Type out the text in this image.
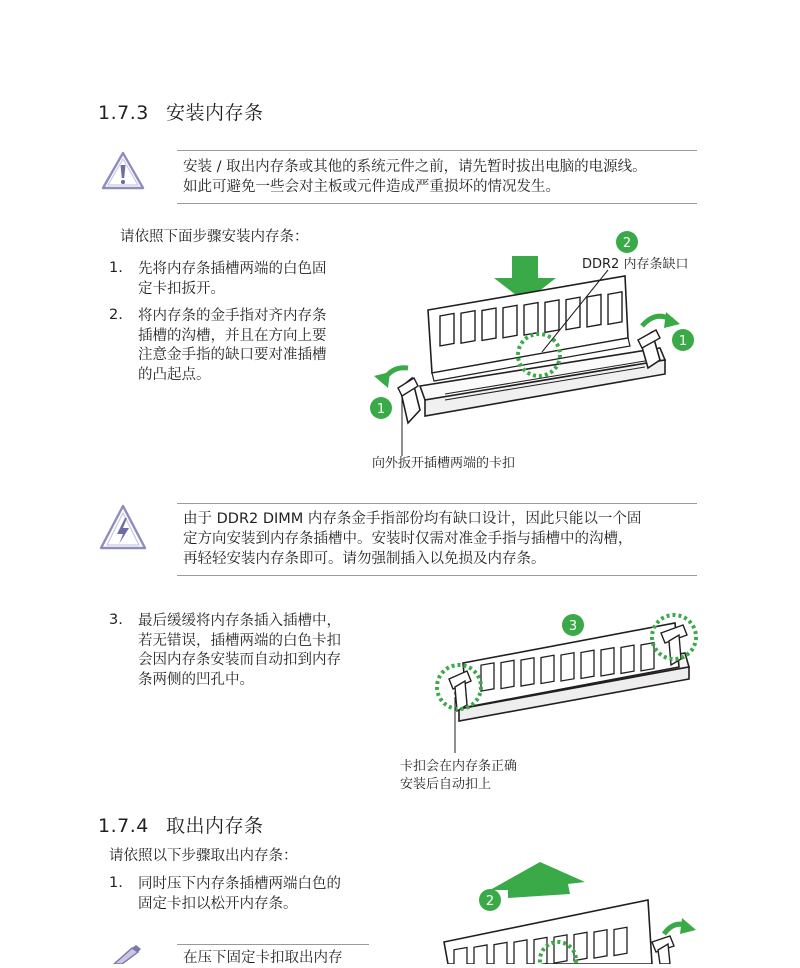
1.7.3 安装内存条
安装 / 取出内存条或其他的系统元件之前，请先暂时拔出电脑的电源线。
如此可避免一些会对主板或元件造成严重损坏的情况发生。
请依照下面步骤安装内存条：
1. 先将内存条插槽两端的白色固
定卡扣扳开。
2. 将内存条的金手指对齐内存条
插槽的沟槽，并且在方向上要
注意金手指的缺口要对准插槽
的凸起点。
2
1
1
DDR2 内存条缺口
向外扳开插槽两端的卡扣
由于 DDR2 DIMM 内存条金手指部份均有缺口设计，因此只能以一个固
定方向安装到内存条插槽中。安装时仅需对准金手指与插槽中的沟槽，
再轻轻安装内存条即可。请勿强制插入以免损及内存条。
3. 最后缓缓将内存条插入插槽中，
若无错误，插槽两端的白色卡扣
会因内存条安装而自动扣到内存
条两侧的凹孔中。
3
卡扣会在内存条正确
安装后自动扣上
1.7.4 取出内存条
请依照以下步骤取出内存条：
1. 同时压下内存条插槽两端白色的
固定卡扣以松开内存条。
在压下固定卡扣取出内存
2
